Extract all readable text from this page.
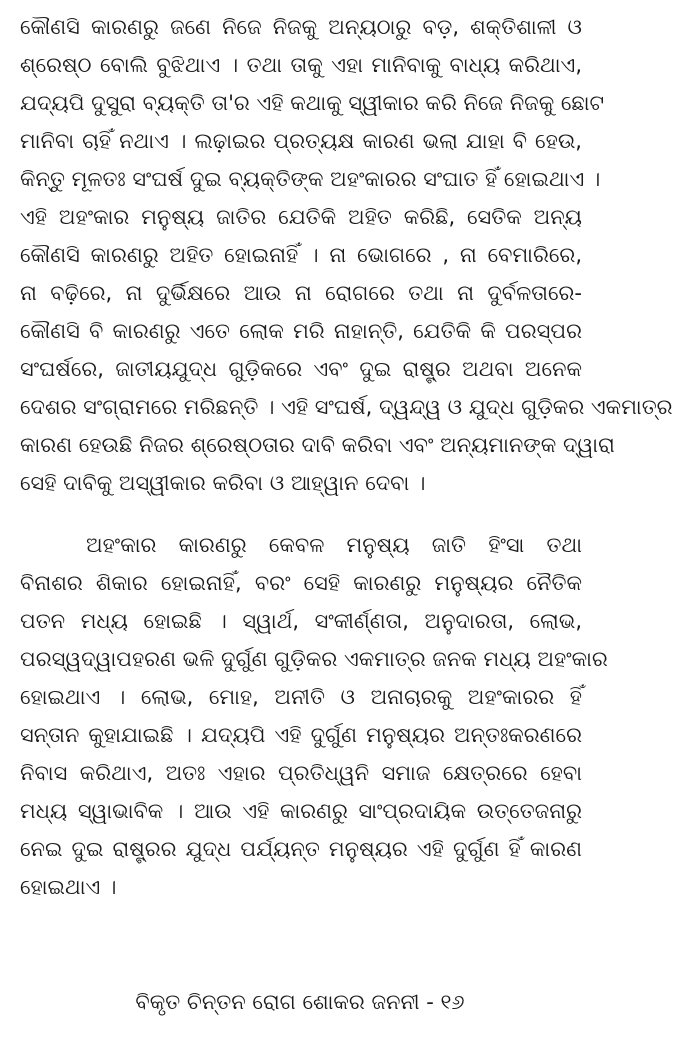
କୌଣସି କାରଣରୁ ଜଣେ ନିଜେ ନିଜକୁ ଅନ୍ୟଠାରୁ ବଡ଼, ଶକ୍ତିଶାଳୀ ଓ
ଶ୍ରେଷ୍ଠ ବୋଲି ବୁଝିଥାଏ । ତଥା ତାକୁ ଏହା ମାନିବାକୁ ବାଧ୍ୟ କରିଥାଏ,
ଯଦ୍ୟପି ଦୁସୁରା ବ୍ୟକ୍ତି ତା'ର ଏହି କଥାକୁ ସ୍ୱୀକାର କରି ନିଜେ ନିଜକୁ ଛୋଟ
ମାନିବା ଚାହିଁ ନଥାଏ । ଲଢ଼ାଇର ପ୍ରତ୍ୟକ୍ଷ କାରଣ ଭଲା ଯାହା ବି ହେଉ,
କିନ୍ତୁ ମୂଳତଃ ସଂଘର୍ଷ ଦୁଇ ବ୍ୟକ୍ତିଙ୍କ ଅହଂକାରର ସଂଘାତ ହିଁ ହୋଇଥାଏ ।
ଏହି ଅହଂକାର ମନୁଷ୍ୟ ଜାତିର ଯେତିକି ଅହିତ କରିଛି, ସେତିକ ଅନ୍ୟ
କୌଣସି କାରଣରୁ ଅହିତ ହୋଇନାହିଁ । ନା ଭୋଗରେ , ନା ବେମାରିରେ,
ନା ବଢ଼ିରେ, ନା ଦୁର୍ଭିକ୍ଷରେ ଆଉ ନା ରୋଗରେ ତଥା ନା ଦୁର୍ବଳତାରେ-
କୌଣସି ବି କାରଣରୁ ଏତେ ଲୋକ ମରି ନାହାନ୍ତି, ଯେତିକି କି ପରସ୍ପର
ସଂଘର୍ଷରେ, ଜାତୀୟଯୁଦ୍ଧ ଗୁଡ଼ିକରେ ଏବଂ ଦୁଇ ରାଷ୍ଟ୍ର ଅଥବା ଅନେକ
ଦେଶର ସଂଗ୍ରାମରେ ମରିଛନ୍ତି । ଏହି ସଂଘର୍ଷ, ଦ୍ୱନ୍ଦ୍ୱ ଓ ଯୁଦ୍ଧ ଗୁଡ଼ିକର ଏକମାତ୍ର
କାରଣ ହେଉଛି ନିଜର ଶ୍ରେଷ୍ଠତାର ଦାବି କରିବା ଏବଂ ଅନ୍ୟମାନଙ୍କ ଦ୍ୱାରା
ସେହି ଦାବିକୁ ଅସ୍ୱୀକାର କରିବା ଓ ଆହ୍ୱାନ ଦେବା ।
ଅହଂକାର କାରଣରୁ କେବଳ ମନୁଷ୍ୟ ଜାତି ହିଂସା ତଥା
ବିନାଶର ଶିକାର ହୋଇନାହିଁ, ବରଂ ସେହି କାରଣରୁ ମନୁଷ୍ୟର ନୈତିକ
ପତନ ମଧ୍ୟ ହୋଇଛି । ସ୍ୱାର୍ଥ, ସଂକୀର୍ଣ୍ଣତା, ଅନୁଦାରତା, ଲୋଭ,
ପରସ୍ୱଦ୍ୱାପହରଣ ଭଳି ଦୁର୍ଗୁଣ ଗୁଡ଼ିକର ଏକମାତ୍ର ଜନକ ମଧ୍ୟ ଅହଂକାର
ହୋଇଥାଏ । ଲୋଭ, ମୋହ, ଅନୀତି ଓ ଅନାଚାରକୁ ଅହଂକାରର ହିଁ
ସନ୍ତାନ କୁହାଯାଇଛି । ଯଦ୍ୟପି ଏହି ଦୁର୍ଗୁଣ ମନୁଷ୍ୟର ଅନ୍ତଃକରଣରେ
ନିବାସ କରିଥାଏ, ଅତଃ ଏହାର ପ୍ରତିଧ୍ୱନି ସମାଜ କ୍ଷେତ୍ରରେ ହେବା
ମଧ୍ୟ ସ୍ୱାଭାବିକ । ଆଉ ଏହି କାରଣରୁ ସାଂପ୍ରଦାୟିକ ଉତ୍ତେଜନାରୁ
ନେଇ ଦୁଇ ରାଷ୍ଟ୍ରର ଯୁଦ୍ଧ ପର୍ଯ୍ୟନ୍ତ ମନୁଷ୍ୟର ଏହି ଦୁର୍ଗୁଣ ହିଁ କାରଣ
ହୋଇଥାଏ ।
ବିକୃତ ଚିନ୍ତନ ରୋଗ ଶୋକର ଜନନୀ - ୧୬
